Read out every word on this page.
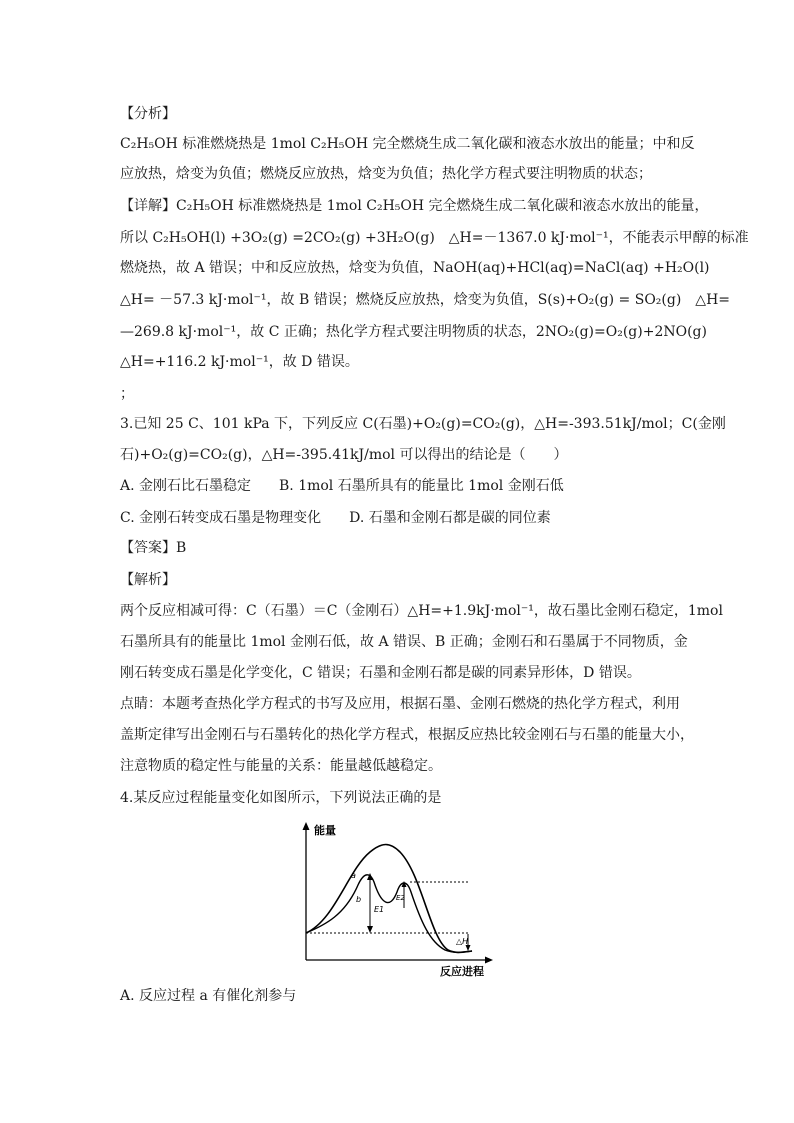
【分析】
C₂H₅OH 标准燃烧热是 1mol C₂H₅OH 完全燃烧生成二氧化碳和液态水放出的能量；中和反
应放热，焓变为负值；燃烧反应放热，焓变为负值；热化学方程式要注明物质的状态；
【详解】C₂H₅OH 标准燃烧热是 1mol C₂H₅OH 完全燃烧生成二氧化碳和液态水放出的能量，
所以 C₂H₅OH(l) +3O₂(g) =2CO₂(g) +3H₂O(g)　△H=－1367.0 kJ·mol⁻¹，不能表示甲醇的标准
燃烧热，故 A 错误；中和反应放热，焓变为负值，NaOH(aq)+HCl(aq)=NaCl(aq) +H₂O(l)
△H= －57.3 kJ·mol⁻¹，故 B 错误；燃烧反应放热，焓变为负值，S(s)+O₂(g) = SO₂(g)　△H=
—269.8 kJ·mol⁻¹，故 C 正确；热化学方程式要注明物质的状态，2NO₂(g)=O₂(g)+2NO(g)
△H=+116.2 kJ·mol⁻¹，故 D 错误。
；
3.已知 25 C、101 kPa 下，下列反应 C(石墨)+O₂(g)=CO₂(g)，△H=-393.51kJ/mol；C(金刚
石)+O₂(g)=CO₂(g)，△H=-395.41kJ/mol 可以得出的结论是（　　）
A. 金刚石比石墨稳定　　B. 1mol 石墨所具有的能量比 1mol 金刚石低
C. 金刚石转变成石墨是物理变化　　D. 石墨和金刚石都是碳的同位素
【答案】B
【解析】
两个反应相减可得：C（石墨）＝C（金刚石）△H=+1.9kJ·mol⁻¹，故石墨比金刚石稳定，1mol
石墨所具有的能量比 1mol 金刚石低，故 A 错误、B 正确；金刚石和石墨属于不同物质，金
刚石转变成石墨是化学变化，C 错误；石墨和金刚石都是碳的同素异形体，D 错误。
点睛：本题考查热化学方程式的书写及应用，根据石墨、金刚石燃烧的热化学方程式，利用
盖斯定律写出金刚石与石墨转化的热化学方程式，根据反应热比较金刚石与石墨的能量大小，
注意物质的稳定性与能量的关系：能量越低越稳定。
4.某反应过程能量变化如图所示，下列说法正确的是
能量
反应进程
a
b
E1
E2
△H
A. 反应过程 a 有催化剂参与
